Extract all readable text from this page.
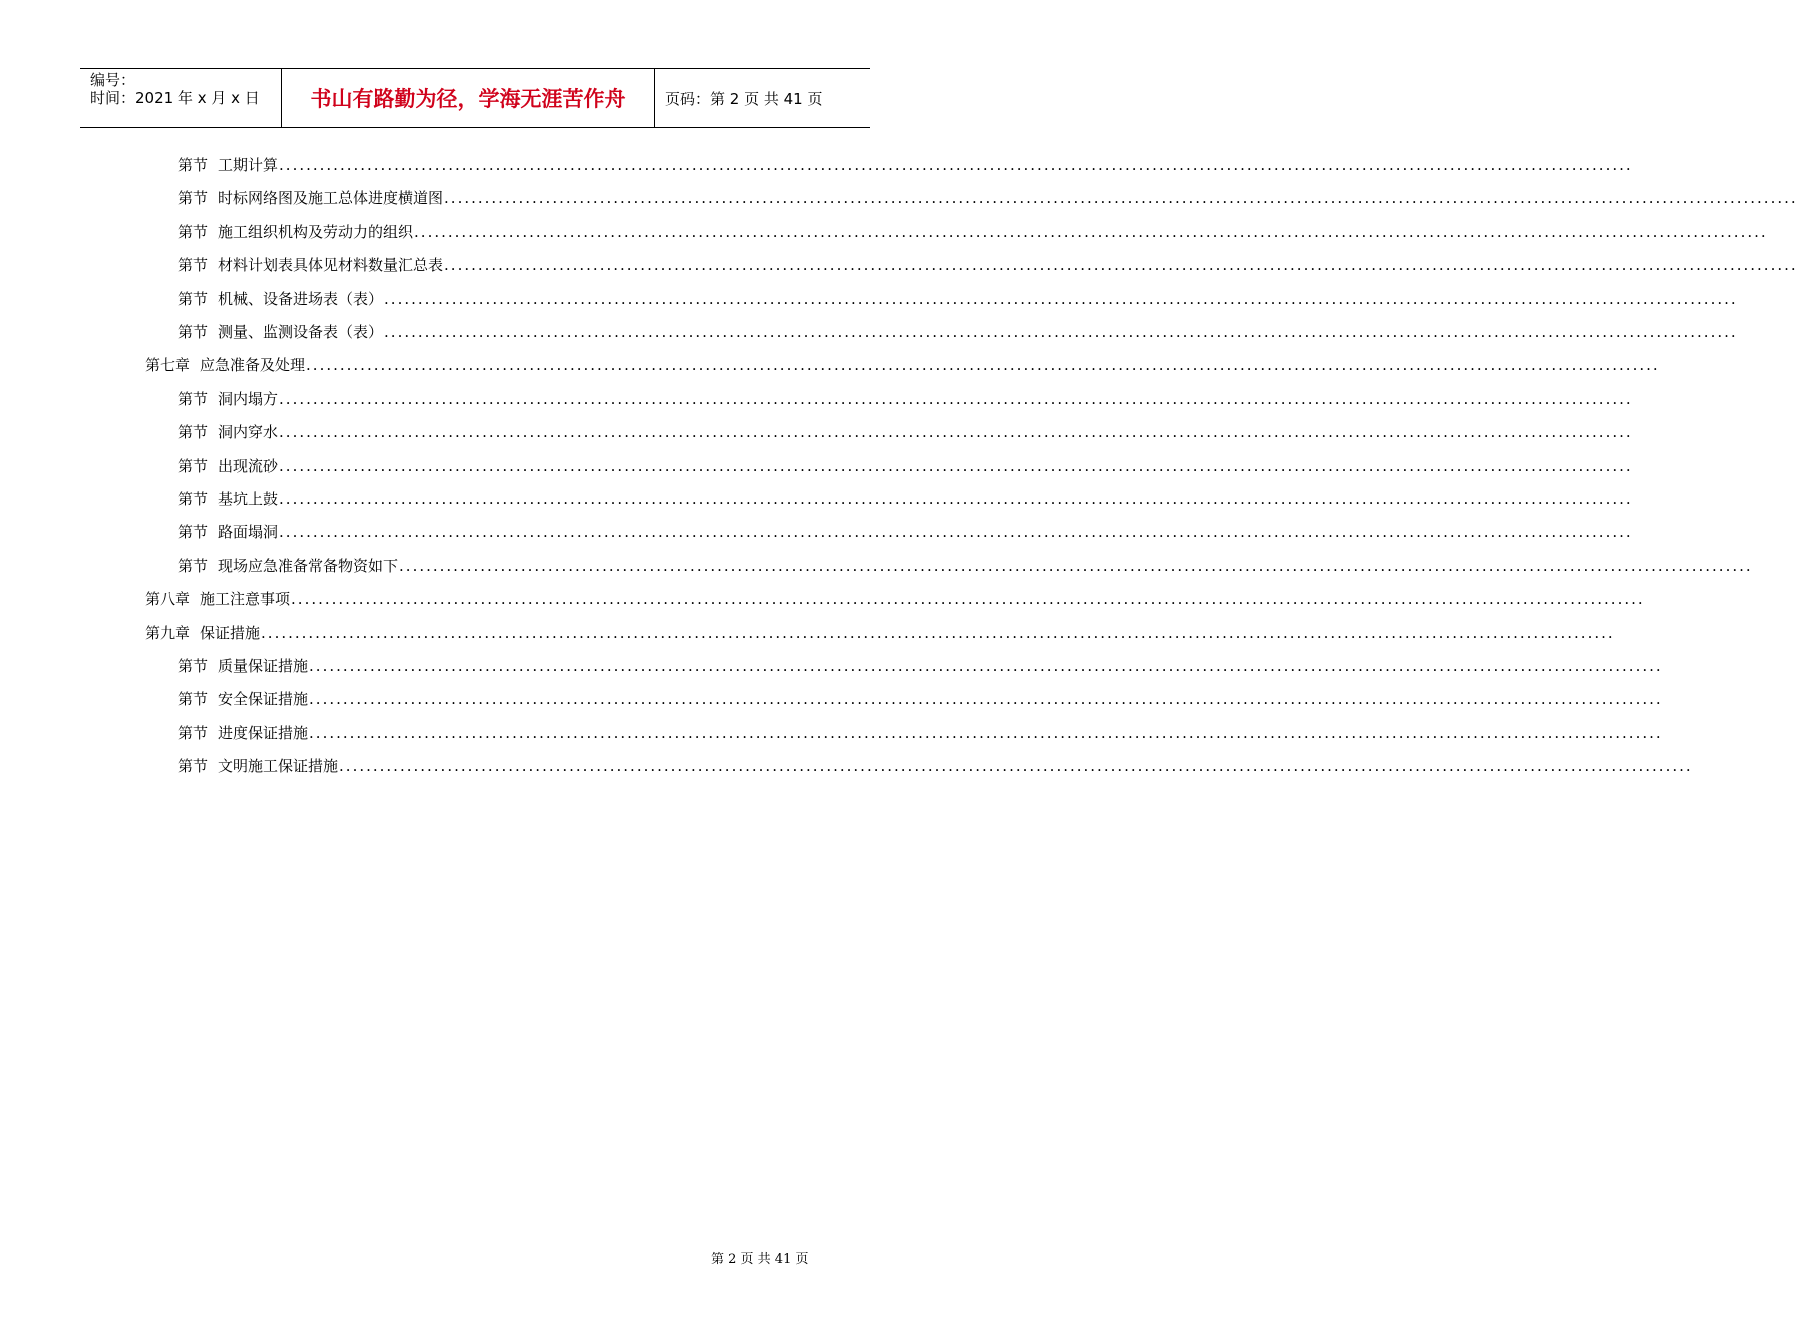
编号：
时间：2021 年 x 月 x 日	书山有路勤为径，学海无涯苦作舟	页码：第 2 页 共 41 页
第节 工期计算 ........................................................................................................................................................................................................
第节 时标网络图及施工总体进度横道图 ........................................................................................................................................................................................................
第节 施工组织机构及劳动力的组织 ........................................................................................................................................................................................................
第节 材料计划表具体见材料数量汇总表 ........................................................................................................................................................................................................
第节 机械、设备进场表（表） ........................................................................................................................................................................................................
第节 测量、监测设备表（表） ........................................................................................................................................................................................................
第七章 应急准备及处理 ........................................................................................................................................................................................................
第节 洞内塌方 ........................................................................................................................................................................................................
第节 洞内穿水 ........................................................................................................................................................................................................
第节 出现流砂 ........................................................................................................................................................................................................
第节 基坑上鼓 ........................................................................................................................................................................................................
第节 路面塌洞 ........................................................................................................................................................................................................
第节 现场应急准备常备物资如下 ........................................................................................................................................................................................................
第八章 施工注意事项 ........................................................................................................................................................................................................
第九章 保证措施 ........................................................................................................................................................................................................
第节 质量保证措施 ........................................................................................................................................................................................................
第节 安全保证措施 ........................................................................................................................................................................................................
第节 进度保证措施 ........................................................................................................................................................................................................
第节 文明施工保证措施 ........................................................................................................................................................................................................
第 2 页 共 41 页
